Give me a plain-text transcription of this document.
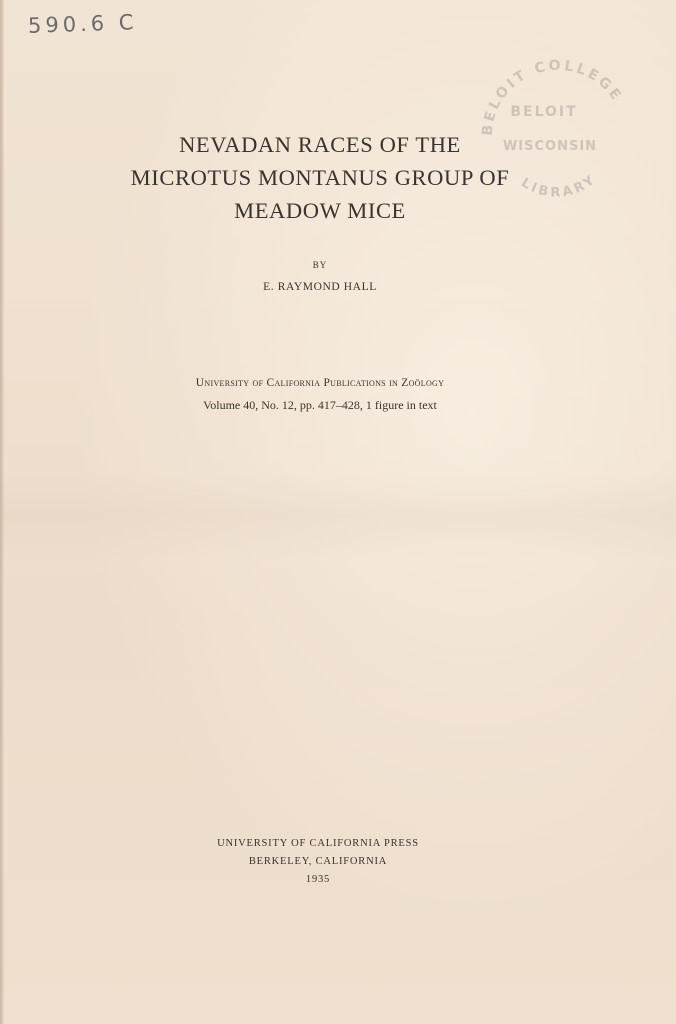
590.6 C
BELOIT COLLEGE
BELOIT
WISCONSIN
LIBRARY
NEVADAN RACES OF THE
MICROTUS MONTANUS GROUP OF
MEADOW MICE
BY
E. RAYMOND HALL
University of California Publications in Zoölogy
Volume 40, No. 12, pp. 417–428, 1 figure in text
UNIVERSITY OF CALIFORNIA PRESS
BERKELEY, CALIFORNIA
1935
